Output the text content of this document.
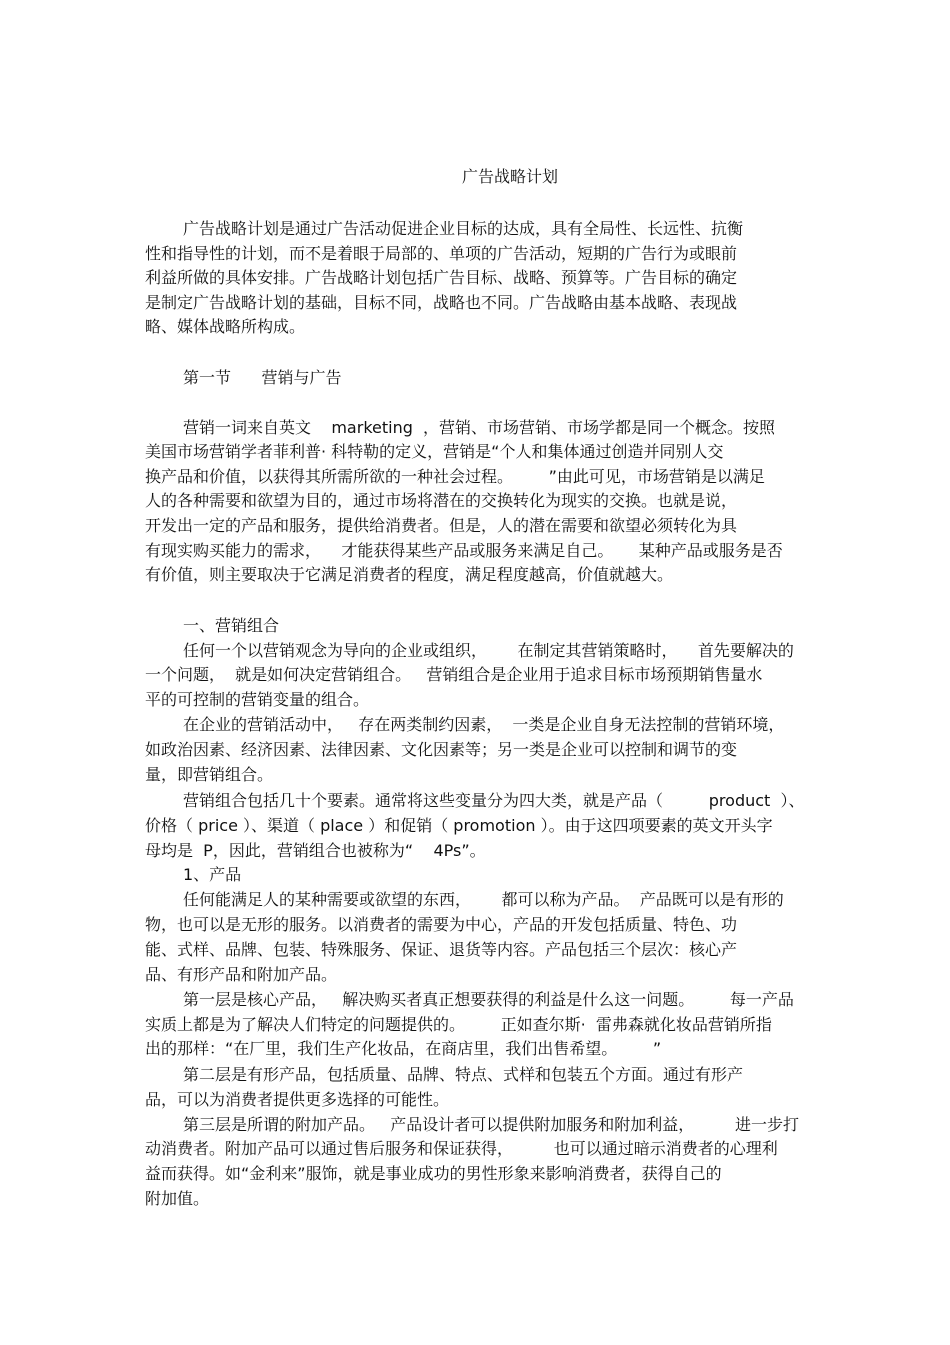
广告战略计划
广告战略计划是通过广告活动促进企业目标的达成，具有全局性、长远性、抗衡
性和指导性的计划，而不是着眼于局部的、单项的广告活动，短期的广告行为或眼前
利益所做的具体安排。广告战略计划包括广告目标、战略、预算等。广告目标的确定
是制定广告战略计划的基础，目标不同，战略也不同。广告战略由基本战略、表现战
略、媒体战略所构成。
第一节      营销与广告
营销一词来自英文    marketing  ，营销、市场营销、市场学都是同一个概念。按照
美国市场营销学者菲利普· 科特勒的定义，营销是“个人和集体通过创造并同别人交
换产品和价值，以获得其所需所欲的一种社会过程。       ”由此可见，市场营销是以满足
人的各种需要和欲望为目的，通过市场将潜在的交换转化为现实的交换。也就是说，
开发出一定的产品和服务，提供给消费者。但是，人的潜在需要和欲望必须转化为具
有现实购买能力的需求，    才能获得某些产品或服务来满足自己。     某种产品或服务是否
有价值，则主要取决于它满足消费者的程度，满足程度越高，价值就越大。
一、营销组合
任何一个以营销观念为导向的企业或组织，      在制定其营销策略时，    首先要解决的
一个问题，  就是如何决定营销组合。   营销组合是企业用于追求目标市场预期销售量水
平的可控制的营销变量的组合。
在企业的营销活动中，   存在两类制约因素，  一类是企业自身无法控制的营销环境，
如政治因素、经济因素、法律因素、文化因素等；另一类是企业可以控制和调节的变
量，即营销组合。
营销组合包括几十个要素。通常将这些变量分为四大类，就是产品（         product  ）、
价格（ price ）、渠道（ place ）和促销（ promotion ）。由于这四项要素的英文开头字
母均是  P，因此，营销组合也被称为“    4Ps”。
1、产品
任何能满足人的某种需要或欲望的东西，      都可以称为产品。  产品既可以是有形的
物，也可以是无形的服务。以消费者的需要为中心，产品的开发包括质量、特色、功
能、式样、品牌、包装、特殊服务、保证、退货等内容。产品包括三个层次：核心产
品、有形产品和附加产品。
第一层是核心产品，   解决购买者真正想要获得的利益是什么这一问题。       每一产品
实质上都是为了解决人们特定的问题提供的。       正如查尔斯·  雷弗森就化妆品营销所指
出的那样：“在厂里，我们生产化妆品，在商店里，我们出售希望。       ”
第二层是有形产品，包括质量、品牌、特点、式样和包装五个方面。通过有形产
品，可以为消费者提供更多选择的可能性。
第三层是所谓的附加产品。   产品设计者可以提供附加服务和附加利益，        进一步打
动消费者。附加产品可以通过售后服务和保证获得，        也可以通过暗示消费者的心理利
益而获得。如“金利来”服饰，就是事业成功的男性形象来影响消费者，获得自己的
附加值。
